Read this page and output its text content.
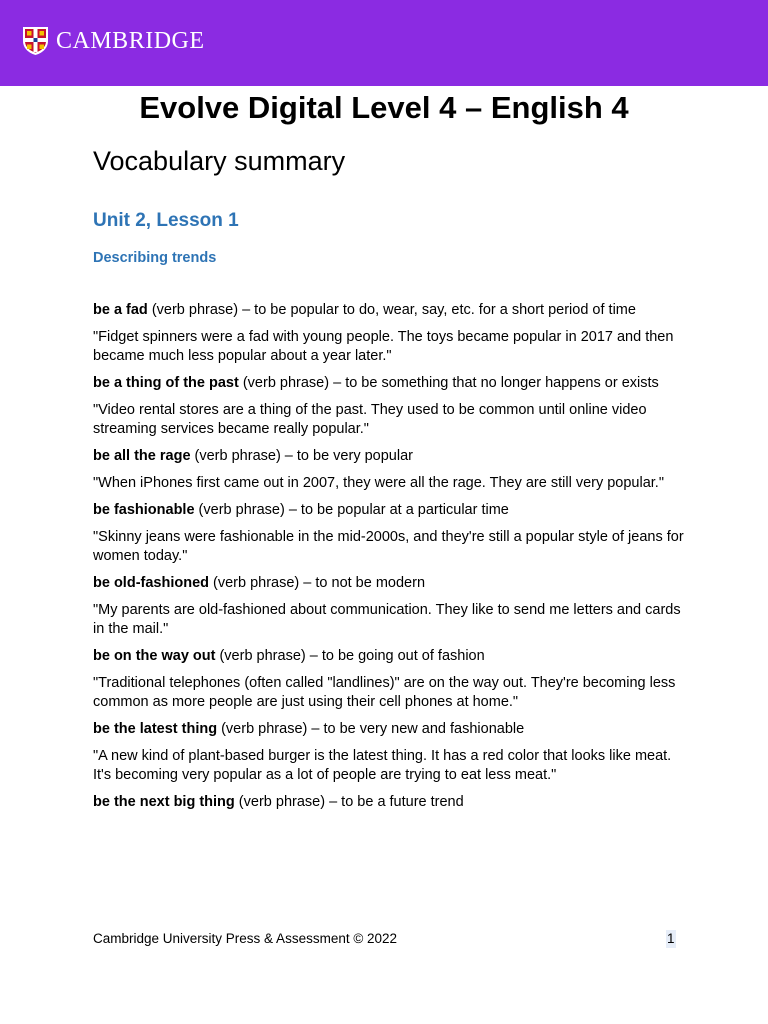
CAMBRIDGE
Evolve Digital Level 4 – English 4
Vocabulary summary
Unit 2, Lesson 1
Describing trends

be a fad (verb phrase) – to be popular to do, wear, say, etc. for a short period of time

"Fidget spinners were a fad with young people. The toys became popular in 2017 and then became much less popular about a year later."

be a thing of the past (verb phrase) – to be something that no longer happens or exists

"Video rental stores are a thing of the past. They used to be common until online video streaming services became really popular."

be all the rage (verb phrase) – to be very popular

"When iPhones first came out in 2007, they were all the rage. They are still very popular."

be fashionable (verb phrase) – to be popular at a particular time

"Skinny jeans were fashionable in the mid-2000s, and they're still a popular style of jeans for women today."

be old-fashioned (verb phrase) – to not be modern

"My parents are old-fashioned about communication. They like to send me letters and cards in the mail."

be on the way out (verb phrase) – to be going out of fashion

"Traditional telephones (often called "landlines)" are on the way out. They're becoming less common as more people are just using their cell phones at home."

be the latest thing (verb phrase) – to be very new and fashionable

"A new kind of plant-based burger is the latest thing. It has a red color that looks like meat. It's becoming very popular as a lot of people are trying to eat less meat."

be the next big thing (verb phrase) – to be a future trend

Cambridge University Press & Assessment © 2022	1
